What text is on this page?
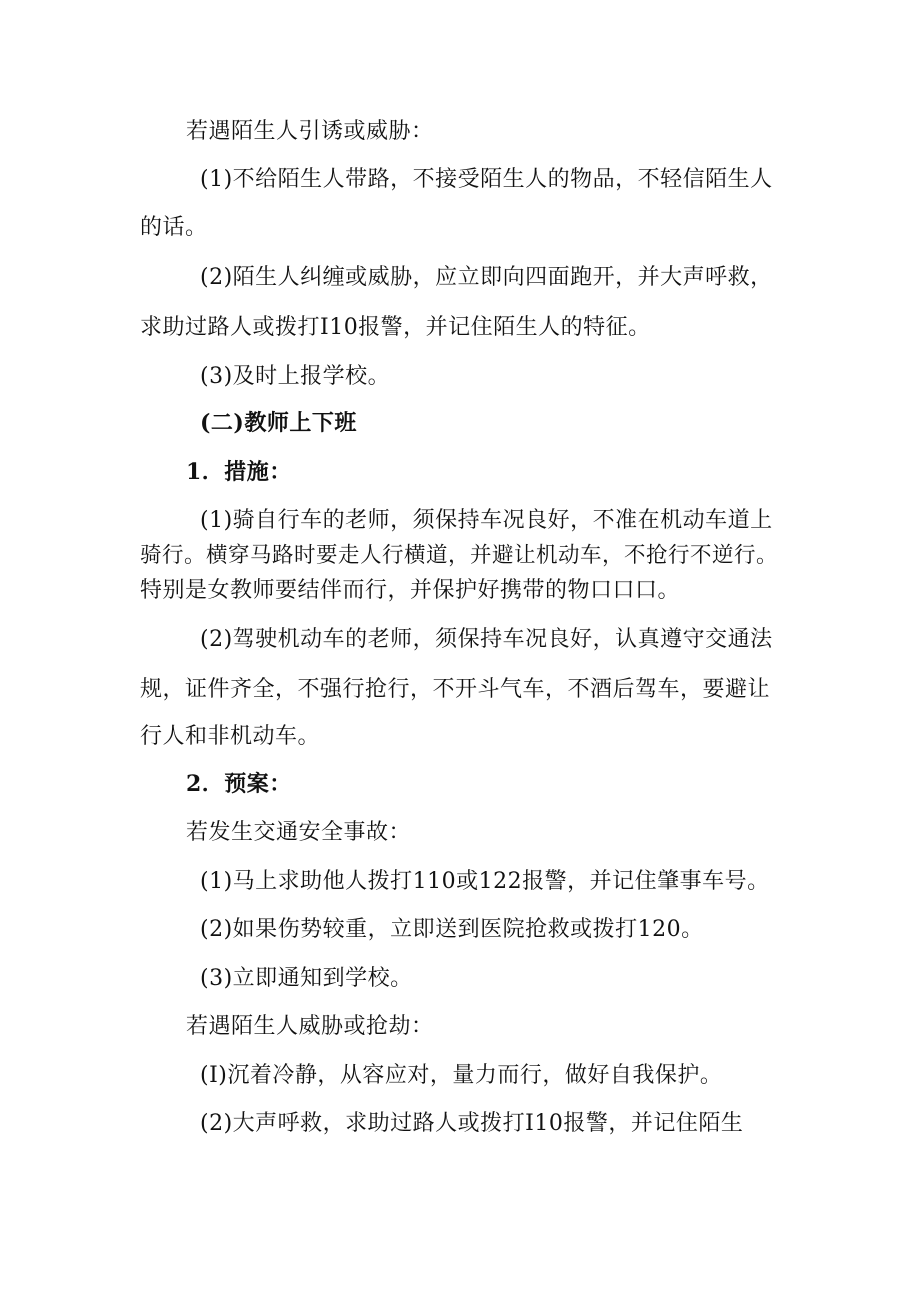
若遇陌生人引诱或威胁：

(1)不给陌生人带路，不接受陌生人的物品，不轻信陌生人

的话。

(2)陌生人纠缠或威胁，应立即向四面跑开，并大声呼救，

求助过路人或拨打I10报警，并记住陌生人的特征。

(3)及时上报学校。

(二)教师上下班

1．措施：

(1)骑自行车的老师，须保持车况良好，不准在机动车道上

骑行。横穿马路时要走人行横道，并避让机动车，不抢行不逆行。

特别是女教师要结伴而行，并保护好携带的物口口口。

(2)驾驶机动车的老师，须保持车况良好，认真遵守交通法

规，证件齐全，不强行抢行，不开斗气车，不酒后驾车，要避让

行人和非机动车。

2．预案：

若发生交通安全事故：

(1)马上求助他人拨打110或122报警，并记住肇事车号。

(2)如果伤势较重，立即送到医院抢救或拨打120。

(3)立即通知到学校。

若遇陌生人威胁或抢劫：

(I)沉着冷静，从容应对，量力而行，做好自我保护。

(2)大声呼救，求助过路人或拨打I10报警，并记住陌生
